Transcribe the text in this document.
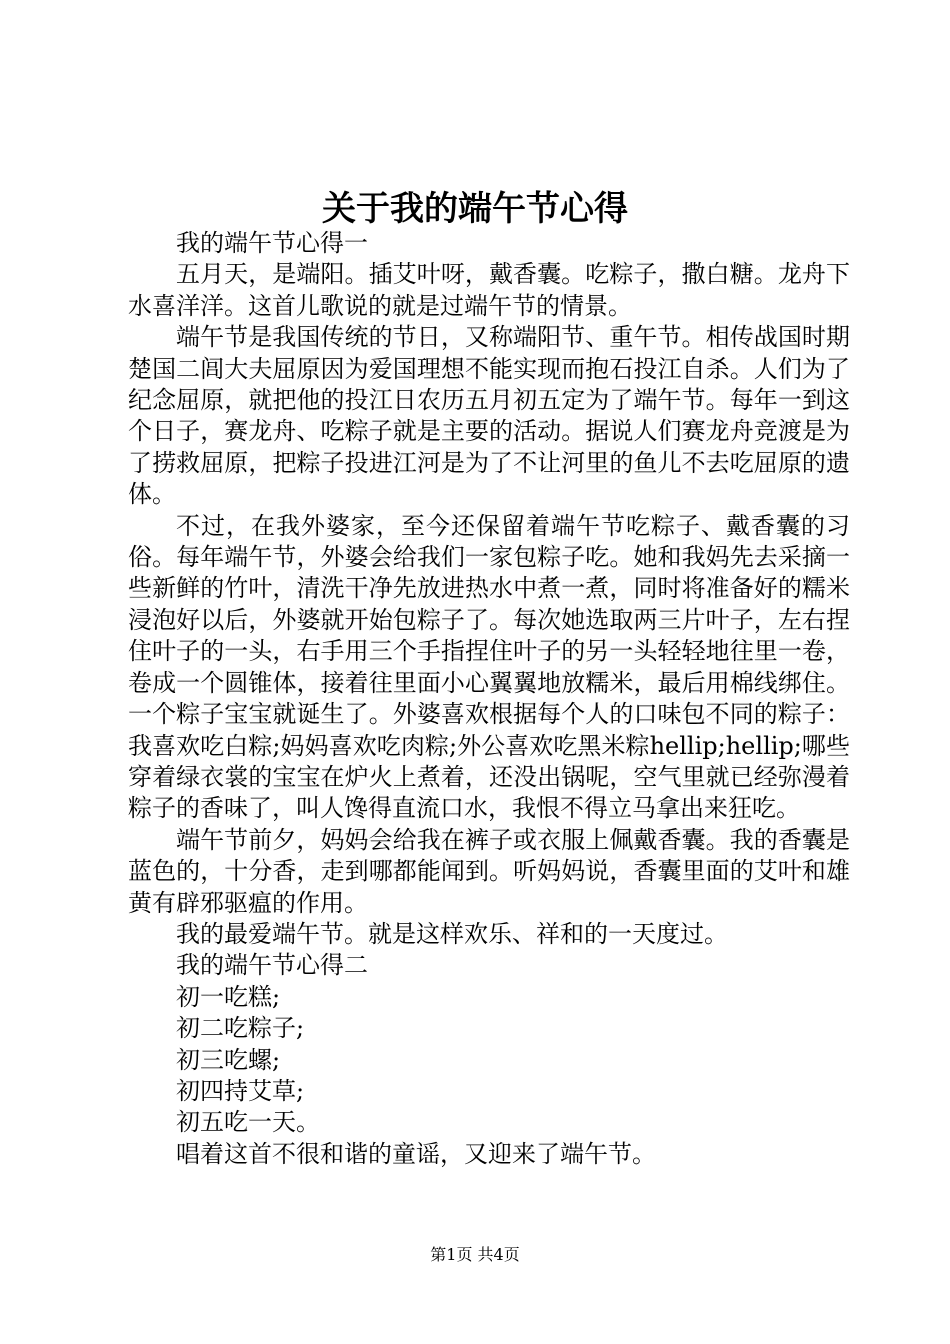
关于我的端午节心得

我的端午节心得一

五月天，是端阳。插艾叶呀，戴香囊。吃粽子，撒白糖。龙舟下水喜洋洋。这首儿歌说的就是过端午节的情景。

端午节是我国传统的节日，又称端阳节、重午节。相传战国时期楚国二闾大夫屈原因为爱国理想不能实现而抱石投江自杀。人们为了纪念屈原，就把他的投江日农历五月初五定为了端午节。每年一到这个日子，赛龙舟、吃粽子就是主要的活动。据说人们赛龙舟竞渡是为了捞救屈原，把粽子投进江河是为了不让河里的鱼儿不去吃屈原的遗体。

不过，在我外婆家，至今还保留着端午节吃粽子、戴香囊的习俗。每年端午节，外婆会给我们一家包粽子吃。她和我妈先去采摘一些新鲜的竹叶，清洗干净先放进热水中煮一煮，同时将准备好的糯米浸泡好以后，外婆就开始包粽子了。每次她选取两三片叶子，左右捏住叶子的一头，右手用三个手指捏住叶子的另一头轻轻地往里一卷，卷成一个圆锥体，接着往里面小心翼翼地放糯米，最后用棉线绑住。一个粽子宝宝就诞生了。外婆喜欢根据每个人的口味包不同的粽子：我喜欢吃白粽;妈妈喜欢吃肉粽;外公喜欢吃黑米粽hellip;hellip;哪些穿着绿衣裳的宝宝在炉火上煮着，还没出锅呢，空气里就已经弥漫着粽子的香味了，叫人馋得直流口水，我恨不得立马拿出来狂吃。

端午节前夕，妈妈会给我在裤子或衣服上佩戴香囊。我的香囊是蓝色的，十分香，走到哪都能闻到。听妈妈说，香囊里面的艾叶和雄黄有辟邪驱瘟的作用。

我的最爱端午节。就是这样欢乐、祥和的一天度过。

我的端午节心得二

初一吃糕;

初二吃粽子;

初三吃螺;

初四持艾草;

初五吃一天。

唱着这首不很和谐的童谣，又迎来了端午节。

第1页 共4页
